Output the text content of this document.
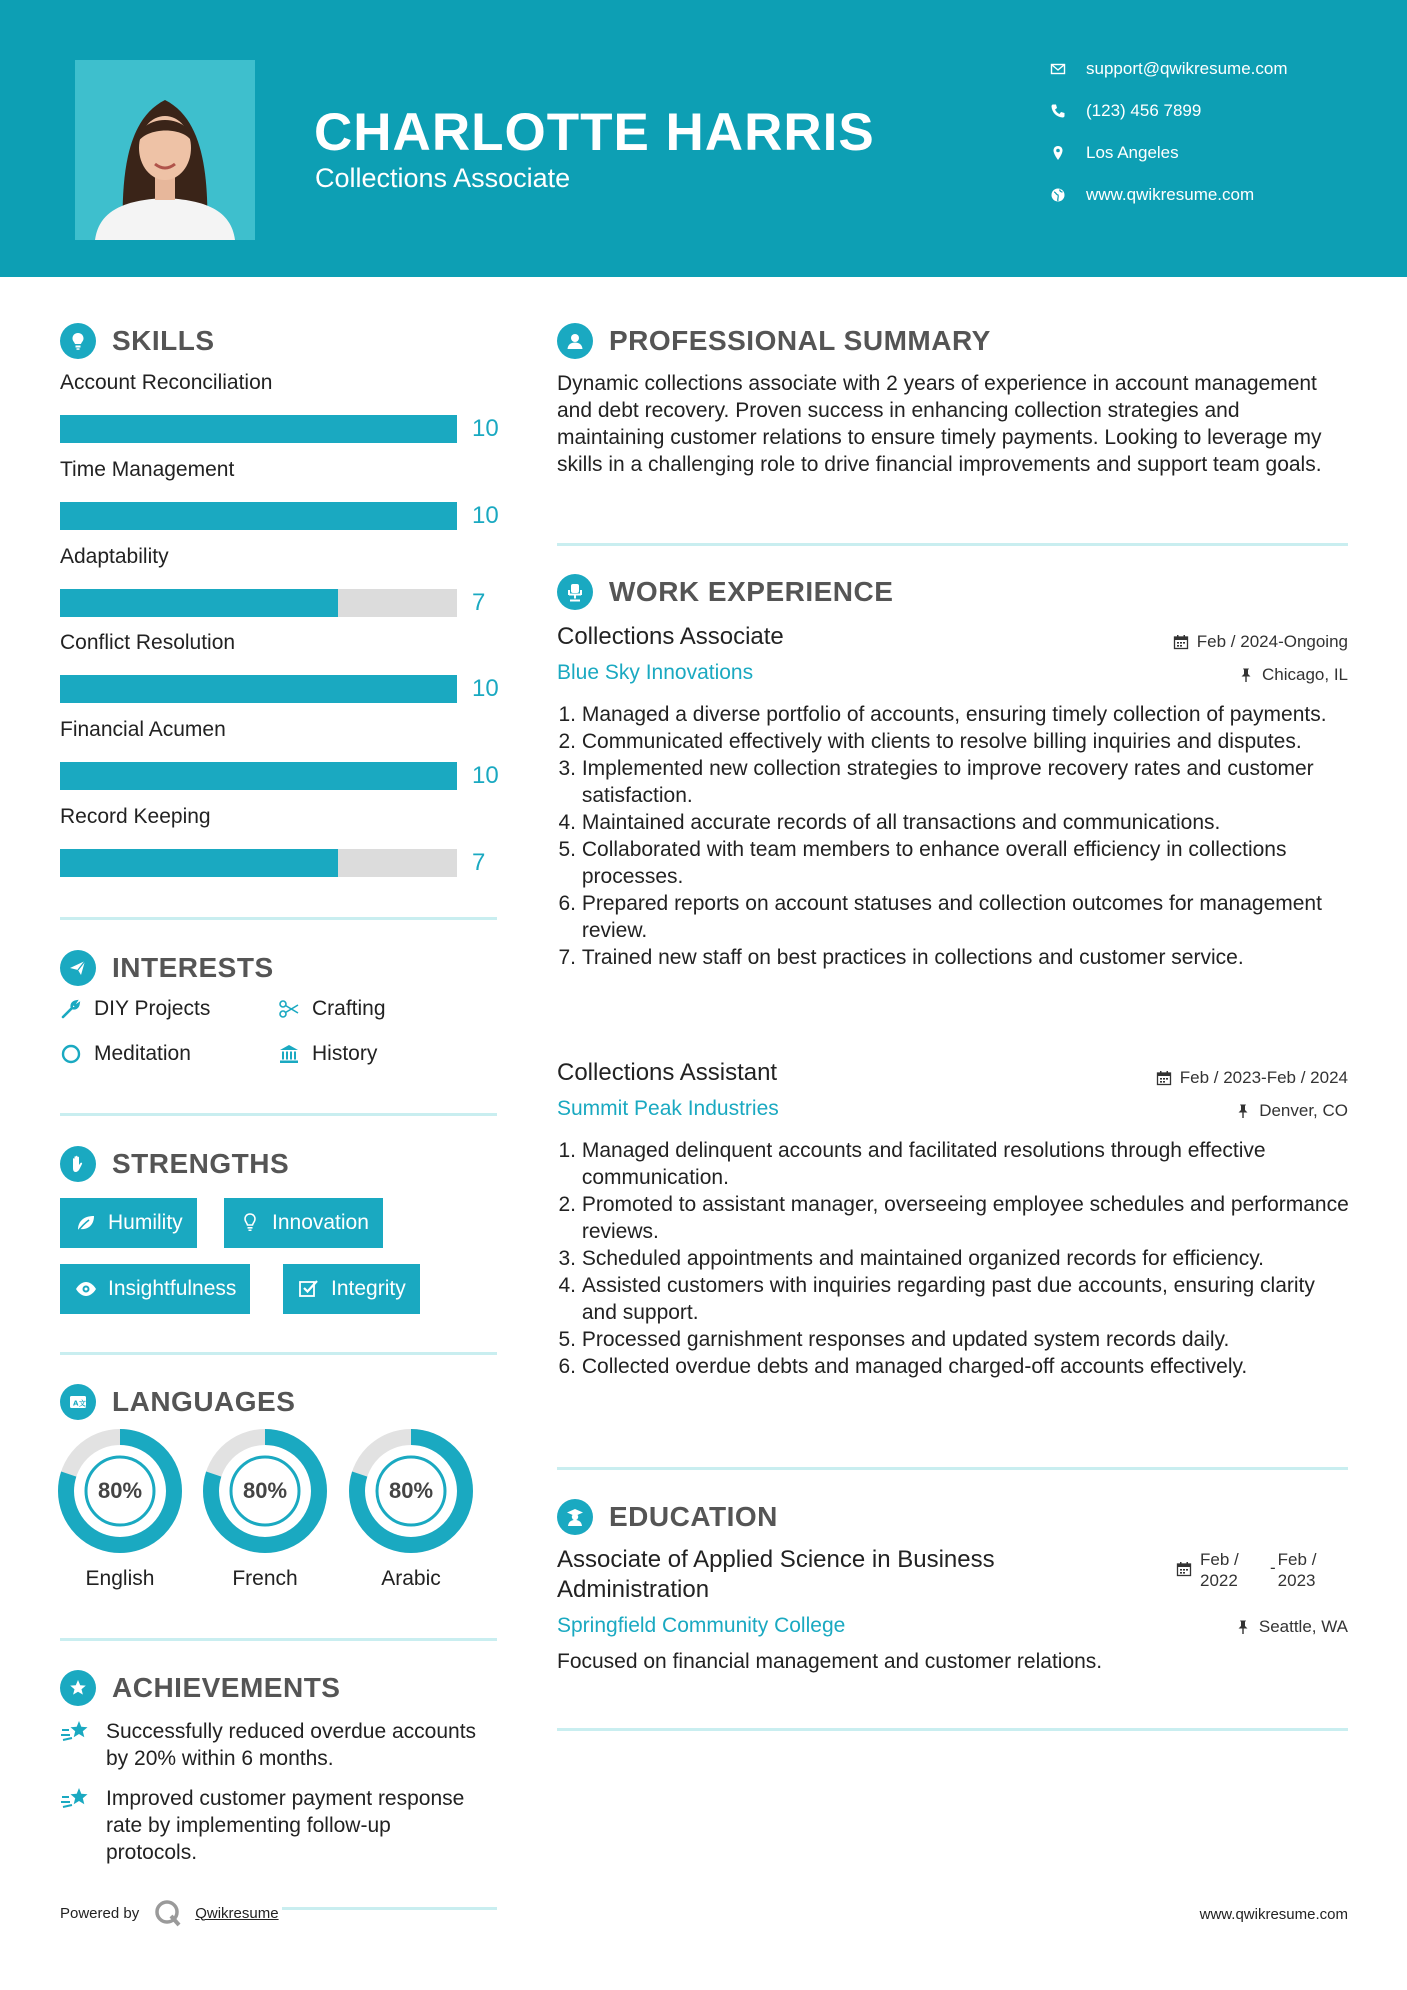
CHARLOTTE HARRIS
Collections Associate
support@qwikresume.com
(123) 456 7899
Los Angeles
www.qwikresume.com
SKILLS
Account Reconciliation
10
Time Management
10
Adaptability
7
Conflict Resolution
10
Financial Acumen
10
Record Keeping
7
INTERESTS
DIY Projects	Crafting
Meditation	History
STRENGTHS
Humility	Innovation
Insightfulness	Integrity
A文 LANGUAGES
80%
English
80%
French
80%
Arabic
ACHIEVEMENTS
Successfully reduced overdue accounts by 20% within 6 months.
Improved customer payment response rate by implementing follow-up protocols.
PROFESSIONAL SUMMARY
Dynamic collections associate with 2 years of experience in account management and debt recovery. Proven success in enhancing collection strategies and maintaining customer relations to ensure timely payments. Looking to leverage my skills in a challenging role to drive financial improvements and support team goals.
WORK EXPERIENCE
Collections Associate	Feb / 2024-Ongoing
Blue Sky Innovations	Chicago, IL
1.
Managed a diverse portfolio of accounts, ensuring timely collection of payments.
2.
Communicated effectively with clients to resolve billing inquiries and disputes.
3.
Implemented new collection strategies to improve recovery rates and customer satisfaction.
4.
Maintained accurate records of all transactions and communications.
5.
Collaborated with team members to enhance overall efficiency in collections processes.
6.
Prepared reports on account statuses and collection outcomes for management review.
7.
Trained new staff on best practices in collections and customer service.
Collections Assistant	Feb / 2023-Feb / 2024
Summit Peak Industries	Denver, CO
1.
Managed delinquent accounts and facilitated resolutions through effective communication.
2.
Promoted to assistant manager, overseeing employee schedules and performance reviews.
3.
Scheduled appointments and maintained organized records for efficiency.
4.
Assisted customers with inquiries regarding past due accounts, ensuring clarity and support.
5.
Processed garnishment responses and updated system records daily.
6.
Collected overdue debts and managed charged-off accounts effectively.
EDUCATION
Associate of Applied Science in Business Administration
Feb / 2022
- Feb / 2023
Springfield Community College	Seattle, WA
Focused on financial management and customer relations.
Powered by	Qwikresume	www.qwikresume.com
